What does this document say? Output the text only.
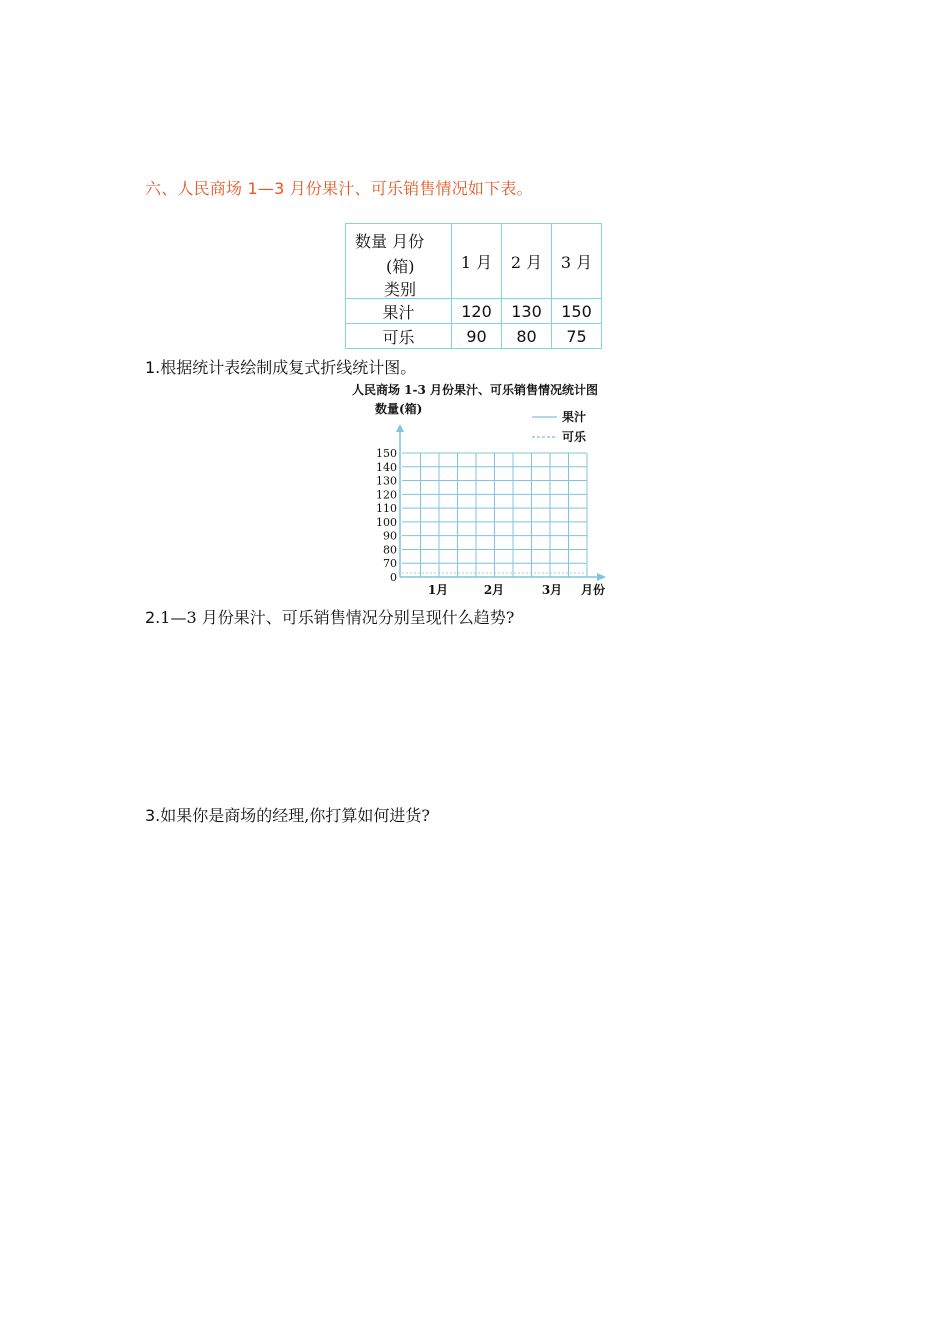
六、人民商场 1—3 月份果汁、可乐销售情况如下表。
数量 月份
(箱)
类别	1 月	2 月	3 月
果汁	120	130	150
可乐	90	80	75
1.根据统计表绘制成复式折线统计图。
人民商场 1-3 月份果汁、可乐销售情况统计图
数量(箱)
果汁
可乐
0
70
80
90
100
110
120
130
140
150
1月	2月	3月 月份
2.1—3 月份果汁、可乐销售情况分别呈现什么趋势?
3.如果你是商场的经理,你打算如何进货?
